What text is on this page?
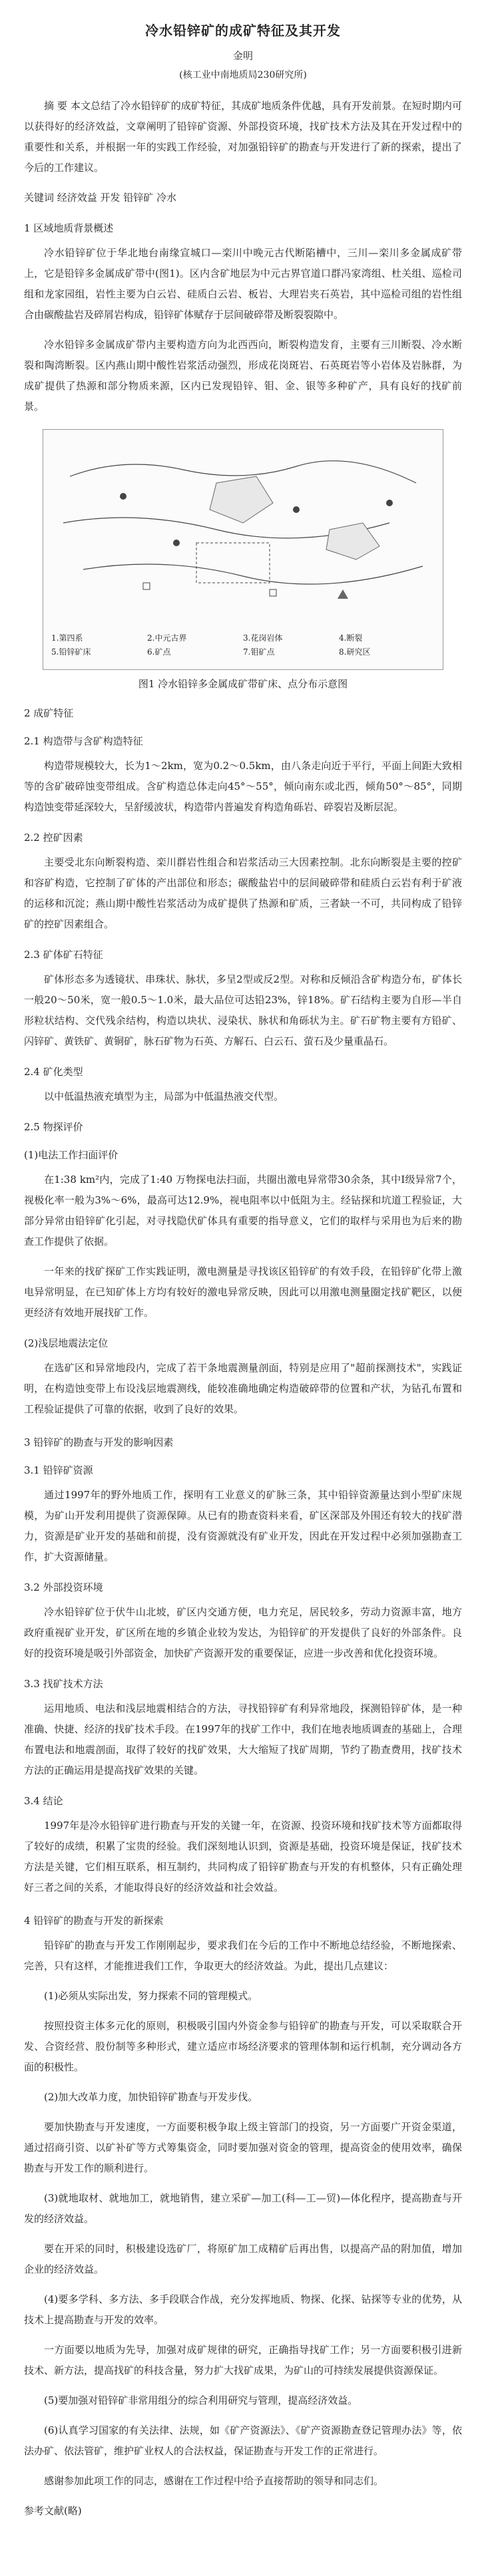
冷水铅锌矿的成矿特征及其开发
金明
(核工业中南地质局230研究所)

摘 要 本文总结了冷水铅锌矿的成矿特征，其成矿地质条件优越，具有开发前景。在短时期内可以获得好的经济效益，文章阐明了铅锌矿资源、外部投资环境，找矿技术方法及其在开发过程中的重要性和关系，并根据一年的实践工作经验，对加强铅锌矿的勘查与开发进行了新的探索，提出了今后的工作建议。

关键词 经济效益 开发 铅锌矿 冷水

1 区域地质背景概述

冷水铅锌矿位于华北地台南缘宣城口—栾川中晚元古代断陷槽中，三川—栾川多金属成矿带上，它是铅锌多金属成矿带中(图1)。区内含矿地层为中元古界官道口群冯家湾组、杜关组、巡检司组和龙家园组，岩性主要为白云岩、硅质白云岩、板岩、大理岩夹石英岩，其中巡检司组的岩性组合由碳酸盐岩及碎屑岩构成，铅锌矿体赋存于层间破碎带及断裂裂隙中。

冷水铅锌多金属成矿带内主要构造方向为北西西向，断裂构造发育，主要有三川断裂、冷水断裂和陶湾断裂。区内燕山期中酸性岩浆活动强烈，形成花岗斑岩、石英斑岩等小岩体及岩脉群，为成矿提供了热源和部分物质来源，区内已发现铅锌、钼、金、银等多种矿产，具有良好的找矿前景。

1.第四系	2.中元古界	3.花岗岩体	4.断裂
5.铅锌矿床	6.矿点	7.钼矿点	8.研究区
图1 冷水铅锌多金属成矿带矿床、点分布示意图
2 成矿特征
2.1 构造带与含矿构造特征

构造带规模较大，长为1～2km，宽为0.2～0.5km，由八条走向近于平行，平面上间距大致相等的含矿破碎蚀变带组成。含矿构造总体走向45°～55°，倾向南东或北西，倾角50°～85°，同期构造蚀变带延深较大，呈舒缓波状，构造带内普遍发育构造角砾岩、碎裂岩及断层泥。

2.2 控矿因素

主要受北东向断裂构造、栾川群岩性组合和岩浆活动三大因素控制。北东向断裂是主要的控矿和容矿构造，它控制了矿体的产出部位和形态；碳酸盐岩中的层间破碎带和硅质白云岩有利于矿液的运移和沉淀；燕山期中酸性岩浆活动为成矿提供了热源和矿质，三者缺一不可，共同构成了铅锌矿的控矿因素组合。

2.3 矿体矿石特征

矿体形态多为透镜状、串珠状、脉状，多呈2型或反2型。对称和反倾沿含矿构造分布，矿体长一般20～50米，宽一般0.5～1.0米，最大品位可达铅23%，锌18%。矿石结构主要为自形—半自形粒状结构、交代残余结构，构造以块状、浸染状、脉状和角砾状为主。矿石矿物主要有方铅矿、闪锌矿、黄铁矿、黄铜矿，脉石矿物为石英、方解石、白云石、萤石及少量重晶石。

2.4 矿化类型

以中低温热液充填型为主，局部为中低温热液交代型。

2.5 物探评价
(1)电法工作扫面评价

在1:38 km²内，完成了1:40 万物探电法扫面，共圈出激电异常带30余条，其中Ⅰ级异常7个，视极化率一般为3%～6%，最高可达12.9%，视电阻率以中低阻为主。经钻探和坑道工程验证，大部分异常由铅锌矿化引起，对寻找隐伏矿体具有重要的指导意义，它们的取样与采用也为后来的勘查工作提供了依据。

一年来的找矿探矿工作实践证明，激电测量是寻找该区铅锌矿的有效手段，在铅锌矿化带上激电异常明显，在已知矿体上方均有较好的激电异常反映，因此可以用激电测量圈定找矿靶区，以便更经济有效地开展找矿工作。

(2)浅层地震法定位

在选矿区和异常地段内，完成了若干条地震测量剖面，特别是应用了"超前探测技术"，实践证明，在构造蚀变带上布设浅层地震测线，能较准确地确定构造破碎带的位置和产状，为钻孔布置和工程验证提供了可靠的依据，收到了良好的效果。

3 铅锌矿的勘查与开发的影响因素
3.1 铅锌矿资源

通过1997年的野外地质工作，探明有工业意义的矿脉三条，其中铅锌资源量达到小型矿床规模，为矿山开发利用提供了资源保障。从已有的勘查资料来看，矿区深部及外围还有较大的找矿潜力，资源是矿业开发的基础和前提，没有资源就没有矿业开发，因此在开发过程中必须加强勘查工作，扩大资源储量。

3.2 外部投资环境

冷水铅锌矿位于伏牛山北坡，矿区内交通方便，电力充足，居民较多，劳动力资源丰富，地方政府重视矿业开发，矿区所在地的乡镇企业较为发达，为铅锌矿的开发提供了良好的外部条件。良好的投资环境是吸引外部资金，加快矿产资源开发的重要保证，应进一步改善和优化投资环境。

3.3 找矿技术方法

运用地质、电法和浅层地震相结合的方法，寻找铅锌矿有利异常地段，探测铅锌矿体，是一种准确、快捷、经济的找矿技术手段。在1997年的找矿工作中，我们在地表地质调查的基础上，合理布置电法和地震剖面，取得了较好的找矿效果，大大缩短了找矿周期，节约了勘查费用，找矿技术方法的正确运用是提高找矿效果的关键。

3.4 结论

1997年是冷水铅锌矿进行勘查与开发的关键一年，在资源、投资环境和找矿技术等方面都取得了较好的成绩，积累了宝贵的经验。我们深刻地认识到，资源是基础，投资环境是保证，找矿技术方法是关键，它们相互联系，相互制约，共同构成了铅锌矿勘查与开发的有机整体，只有正确处理好三者之间的关系，才能取得良好的经济效益和社会效益。

4 铅锌矿的勘查与开发的新探索

铅锌矿的勘查与开发工作刚刚起步，要求我们在今后的工作中不断地总结经验，不断地探索、完善，只有这样，才能推进我们工作，争取更大的经济效益。为此，提出几点建议：

(1)必须从实际出发，努力探索不同的管理模式。

按照投资主体多元化的原则，积极吸引国内外资金参与铅锌矿的勘查与开发，可以采取联合开发、合资经营、股份制等多种形式，建立适应市场经济要求的管理体制和运行机制，充分调动各方面的积极性。

(2)加大改革力度，加快铅锌矿勘查与开发步伐。

要加快勘查与开发速度，一方面要积极争取上级主管部门的投资，另一方面要广开资金渠道，通过招商引资、以矿补矿等方式筹集资金，同时要加强对资金的管理，提高资金的使用效率，确保勘查与开发工作的顺利进行。

(3)就地取材、就地加工，就地销售，建立采矿—加工(科—工—贸)—体化程序，提高勘查与开发的经济效益。

要在开采的同时，积极建设选矿厂，将原矿加工成精矿后再出售，以提高产品的附加值，增加企业的经济效益。

(4)要多学科、多方法、多手段联合作战，充分发挥地质、物探、化探、钻探等专业的优势，从技术上提高勘查与开发的效率。

一方面要以地质为先导，加强对成矿规律的研究，正确指导找矿工作；另一方面要积极引进新技术、新方法，提高找矿的科技含量，努力扩大找矿成果，为矿山的可持续发展提供资源保证。

(5)要加强对铅锌矿非常用组分的综合利用研究与管理，提高经济效益。

(6)认真学习国家的有关法律、法规，如《矿产资源法》、《矿产资源勘查登记管理办法》等，依法办矿、依法管矿，维护矿业权人的合法权益，保证勘查与开发工作的正常进行。

感谢参加此项工作的同志，感谢在工作过程中给予直接帮助的领导和同志们。

参考文献(略)
